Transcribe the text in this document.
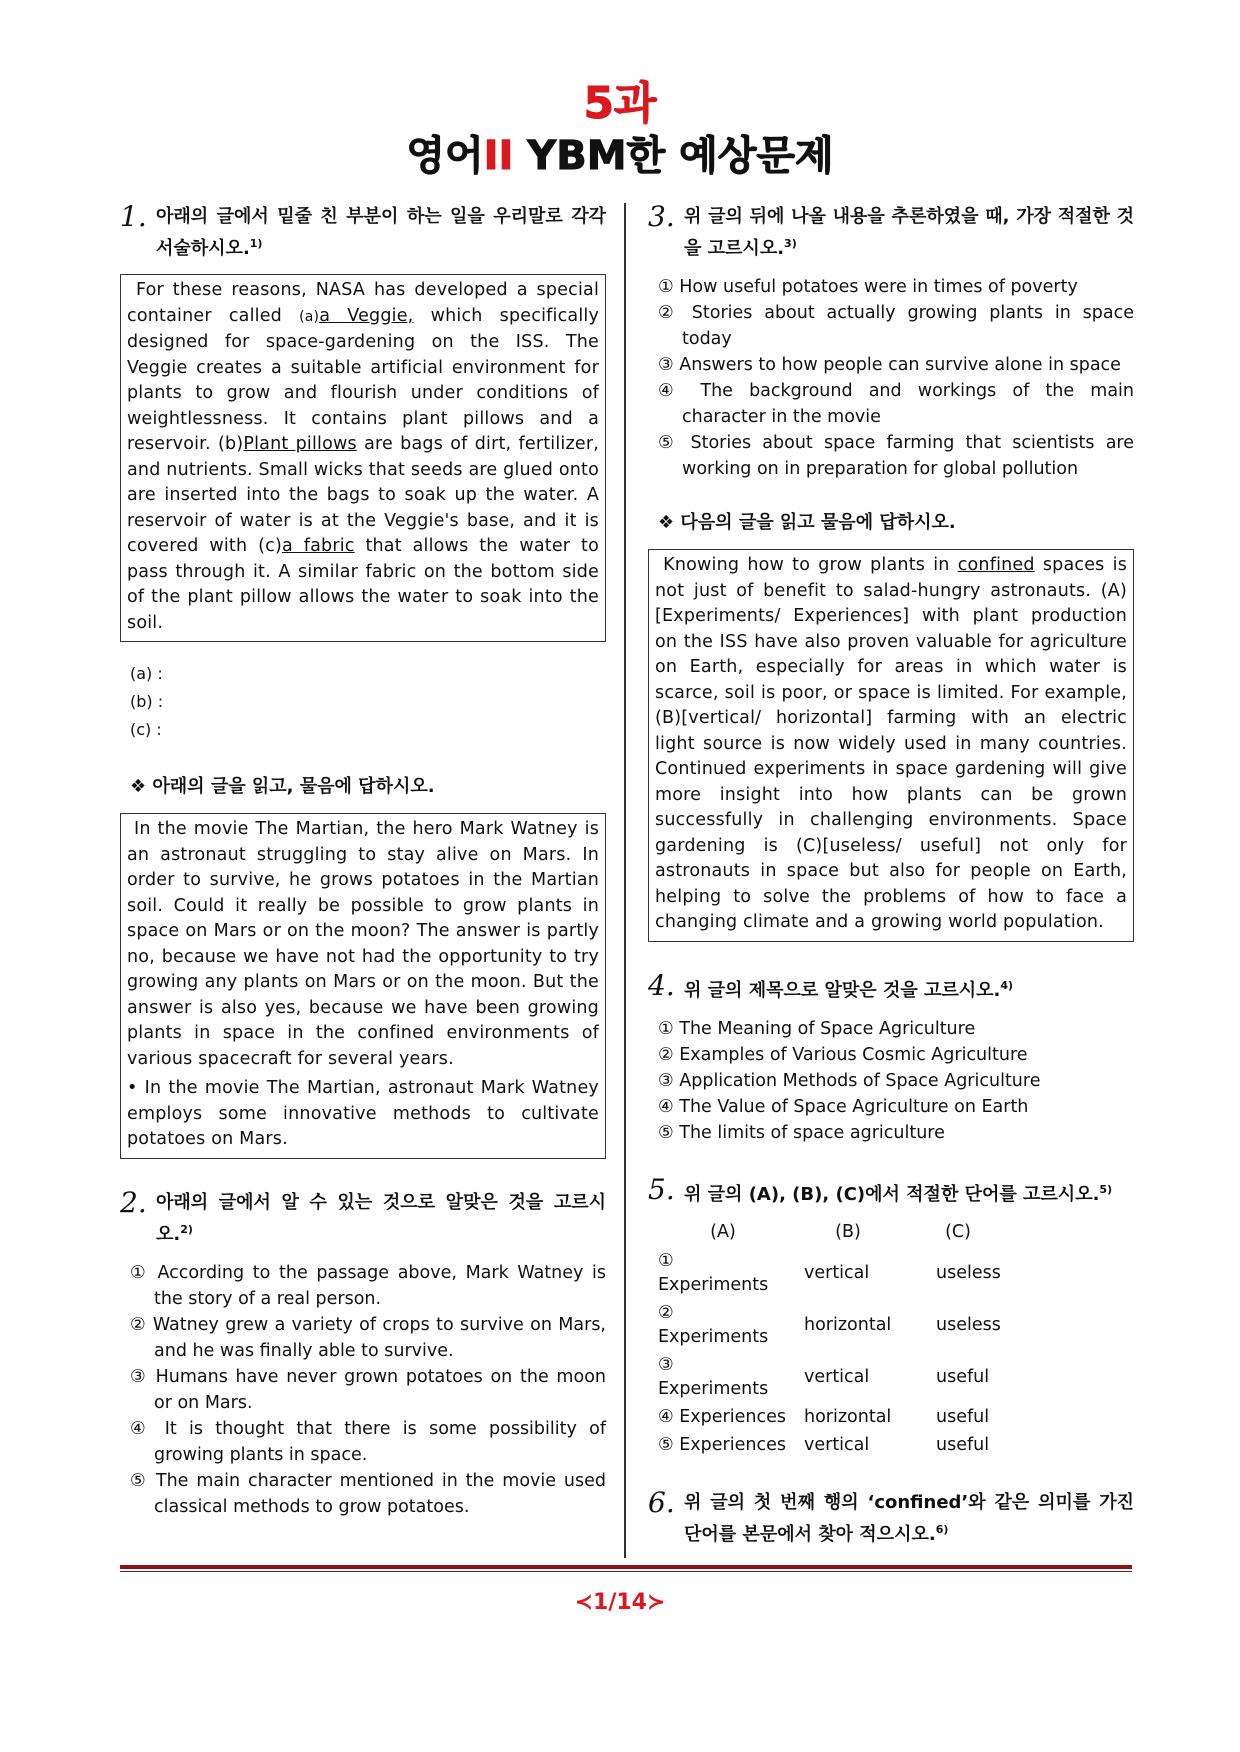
5과
영어II YBM한 예상문제
1. 아래의 글에서 밑줄 친 부분이 하는 일을 우리말로 각각 서술하시오.$^{1)}$

For these reasons, NASA has developed a special container called (a)a Veggie, which specifically designed for space-gardening on the ISS. The Veggie creates a suitable artificial environment for plants to grow and flourish under conditions of weightlessness. It contains plant pillows and a reservoir. (b)Plant pillows are bags of dirt, fertilizer, and nutrients. Small wicks that seeds are glued onto are inserted into the bags to soak up the water. A reservoir of water is at the Veggie's base, and it is covered with (c)a fabric that allows the water to pass through it. A similar fabric on the bottom side of the plant pillow allows the water to soak into the soil.

(a) :
(b) :
(c) :
❖ 아래의 글을 읽고, 물음에 답하시오.

In the movie The Martian, the hero Mark Watney is an astronaut struggling to stay alive on Mars. In order to survive, he grows potatoes in the Martian soil. Could it really be possible to grow plants in space on Mars or on the moon? The answer is partly no, because we have not had the opportunity to try growing any plants on Mars or on the moon. But the answer is also yes, because we have been growing plants in space in the confined environments of various spacecraft for several years.

• In the movie The Martian, astronaut Mark Watney employs some innovative methods to cultivate potatoes on Mars.

2. 아래의 글에서 알 수 있는 것으로 알맞은 것을 고르시오.$^{2)}$
① According to the passage above, Mark Watney is the story of a real person.
② Watney grew a variety of crops to survive on Mars, and he was finally able to survive.
③ Humans have never grown potatoes on the moon or on Mars.
④ It is thought that there is some possibility of growing plants in space.
⑤ The main character mentioned in the movie used classical methods to grow potatoes.
3. 위 글의 뒤에 나올 내용을 추론하였을 때, 가장 적절한 것을 고르시오.$^{3)}$
① How useful potatoes were in times of poverty
② Stories about actually growing plants in space today
③ Answers to how people can survive alone in space
④ The background and workings of the main character in the movie
⑤ Stories about space farming that scientists are working on in preparation for global pollution
❖ 다음의 글을 읽고 물음에 답하시오.

Knowing how to grow plants in confined spaces is not just of benefit to salad-hungry astronauts. (A)[Experiments/ Experiences] with plant production on the ISS have also proven valuable for agriculture on Earth, especially for areas in which water is scarce, soil is poor, or space is limited. For example, (B)[vertical/ horizontal] farming with an electric light source is now widely used in many countries. Continued experiments in space gardening will give more insight into how plants can be grown successfully in challenging environments. Space gardening is (C)[useless/ useful] not only for astronauts in space but also for people on Earth, helping to solve the problems of how to face a changing climate and a growing world population.

4. 위 글의 제목으로 알맞은 것을 고르시오.$^{4)}$
① The Meaning of Space Agriculture
② Examples of Various Cosmic Agriculture
③ Application Methods of Space Agriculture
④ The Value of Space Agriculture on Earth
⑤ The limits of space agriculture
5. 위 글의 (A), (B), (C)에서 적절한 단어를 고르시오.$^{5)}$
(A)	(B)	(C)
① Experiments	vertical	useless
② Experiments	horizontal	useless
③ Experiments	vertical	useful
④ Experiences	horizontal	useful
⑤ Experiences	vertical	useful
6. 위 글의 첫 번째 행의 ‘confined’와 같은 의미를 가진 단어를 본문에서 찾아 적으시오.$^{6)}$
≺1/14≻
